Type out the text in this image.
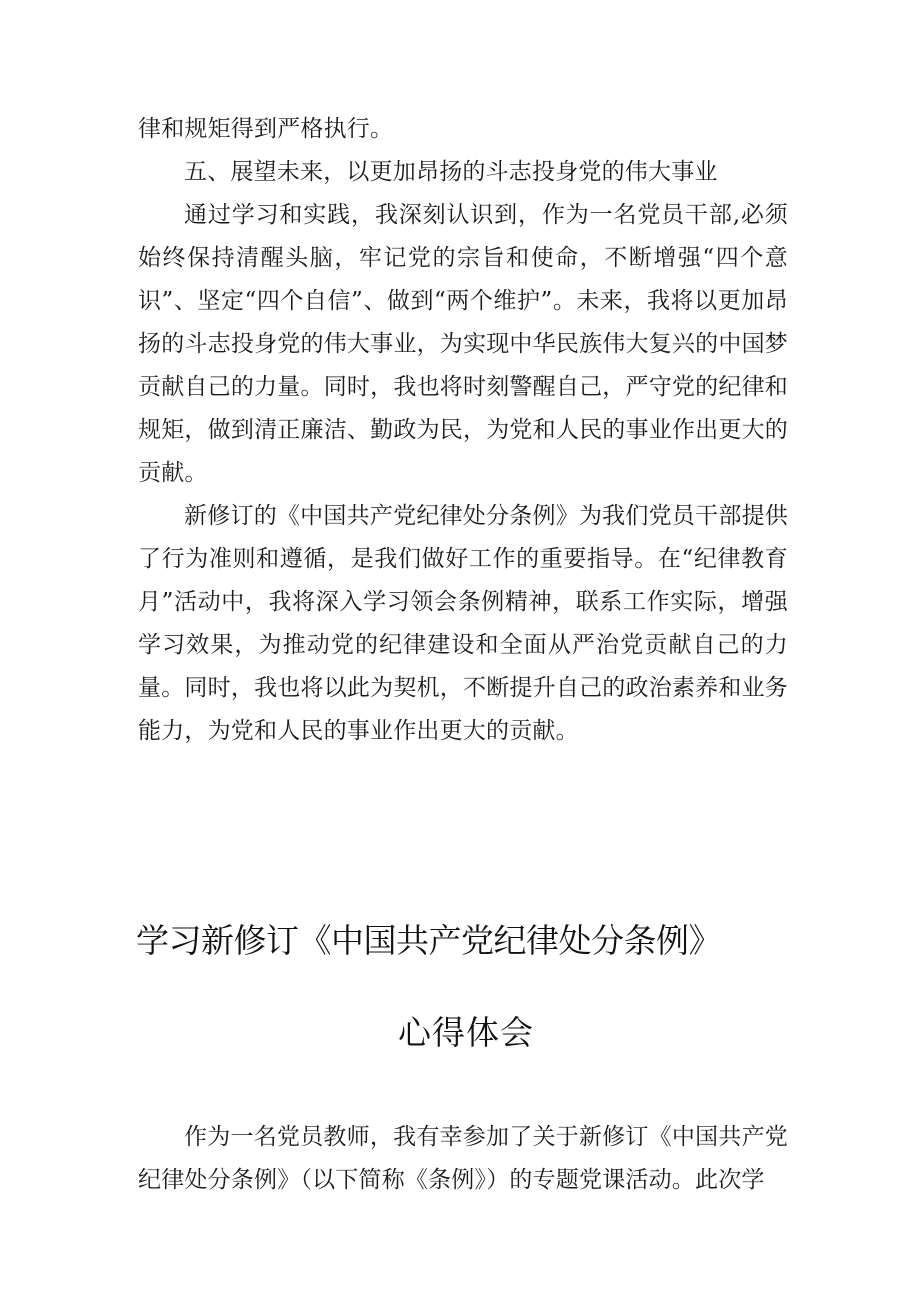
律和规矩得到严格执行。

五、展望未来，以更加昂扬的斗志投身党的伟大事业

通过学习和实践，我深刻认识到，作为一名党员干部,必须始终保持清醒头脑，牢记党的宗旨和使命，不断增强“四个意识”、坚定“四个自信”、做到“两个维护”。未来，我将以更加昂扬的斗志投身党的伟大事业，为实现中华民族伟大复兴的中国梦贡献自己的力量。同时，我也将时刻警醒自己，严守党的纪律和规矩，做到清正廉洁、勤政为民，为党和人民的事业作出更大的贡献。

新修订的《中国共产党纪律处分条例》为我们党员干部提供了行为准则和遵循，是我们做好工作的重要指导。在“纪律教育月”活动中，我将深入学习领会条例精神，联系工作实际，增强学习效果，为推动党的纪律建设和全面从严治党贡献自己的力量。同时，我也将以此为契机，不断提升自己的政治素养和业务能力，为党和人民的事业作出更大的贡献。

学习新修订《中国共产党纪律处分条例》
心得体会

作为一名党员教师，我有幸参加了关于新修订《中国共产党纪律处分条例》（以下简称《条例》）的专题党课活动。此次学
